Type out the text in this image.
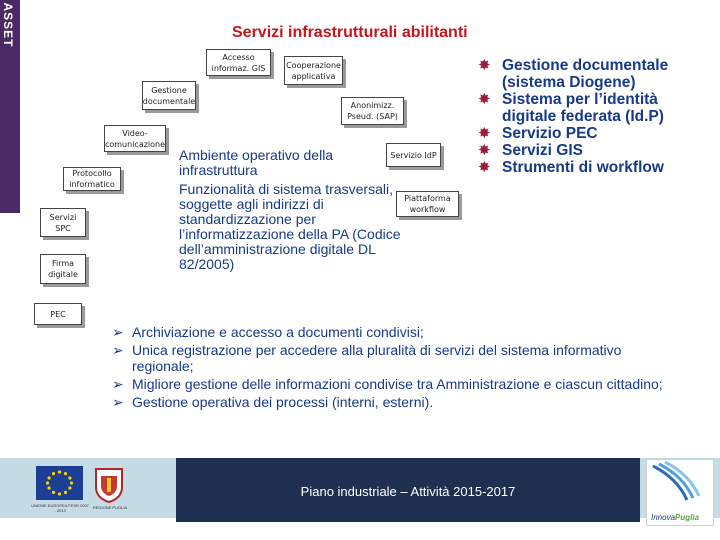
ASSET	Servizi infrastrutturali abilitanti
Accesso informaz. GIS	Cooperazione applicativa
Gestione documentale	Anonimizz. Pseud. (SAP)
Video-comunicazione
Servizio IdP
Protocollo informatico
Piattaforma workflow
Servizi SPC
Firma digitale
PEC

Ambiente operativo della infrastruttura

Funzionalità di sistema trasversali, soggette agli indirizzi di standardizzazione per l’informatizzazione della PA (Codice dell’amministrazione digitale DL 82/2005)

✸ Gestione documentale (sistema Diogene)
✸ Sistema per l’identità digitale federata (Id.P)
✸ Servizio PEC
✸ Servizi GIS
✸ Strumenti di workflow
➢ Archiviazione e accesso a documenti condivisi;
➢ Unica registrazione per accedere alla pluralità di servizi del sistema informativo regionale;
➢ Migliore gestione delle informazioni condivise tra Amministrazione e ciascun cittadino;
➢ Gestione operativa dei processi (interni, esterni).
Piano industriale – Attività 2015-2017
UNIONE EUROPEA FESR 2007 - 2013
REGIONE PUGLIA
InnovaPuglia
